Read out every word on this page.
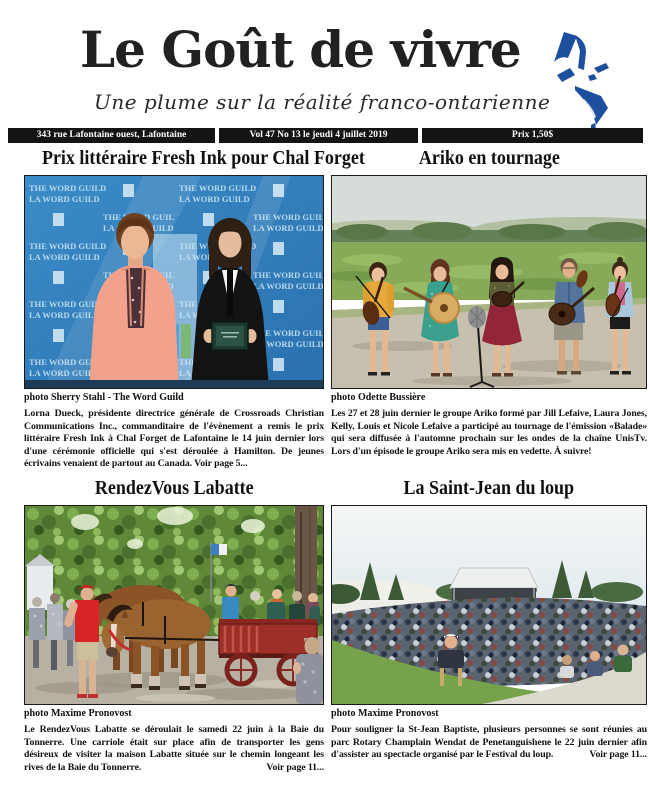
Le Goût de vivre
Une plume sur la réalité franco-ontarienne
343 rue Lafontaine ouest, Lafontaine	Vol 47 No 13 le jeudi 4 juillet 2019	Prix 1,50$
Prix littéraire Fresh Ink pour Chal Forget
photo Sherry Stahl - The Word Guild

Lorna Dueck, présidente directrice générale de Crossroads Christian Communications Inc., commanditaire de l'évènement a remis le prix littéraire Fresh Ink à Chal Forget de Lafontaine le 14 juin dernier lors d'une cérémonie officielle qui s'est déroulée à Hamilton. De jeunes écrivains venaient de partout au Canada. Voir page 5...

Ariko en tournage
photo Odette Bussière

Les 27 et 28 juin dernier le groupe Ariko formé par Jill Lefaive, Laura Jones, Kelly, Louis et Nicole Lefaive a participé au tournage de l'émission «Balade» qui sera diffusée à l'automne prochain sur les ondes de la chaîne UnisTv. Lors d'un épisode le groupe Ariko sera mis en vedette. À suivre!

RendezVous Labatte
photo Maxime Pronovost

Le RendezVous Labatte se déroulait le samedi 22 juin à la Baie du Tonnerre. Une carriole était sur place afin de transporter les gens désireux de visiter la maison Labatte située sur le chemin longeant les rives de la Baie du Tonnerre.	Voir page 11...

La Saint-Jean du loup
photo Maxime Pronovost

Pour souligner la St-Jean Baptiste, plusieurs personnes se sont réunies au parc Rotary Champlain Wendat de Penetanguishene le 22 juin dernier afin d'assister au spectacle organisé par le Festival du loup.	Voir page 11...
